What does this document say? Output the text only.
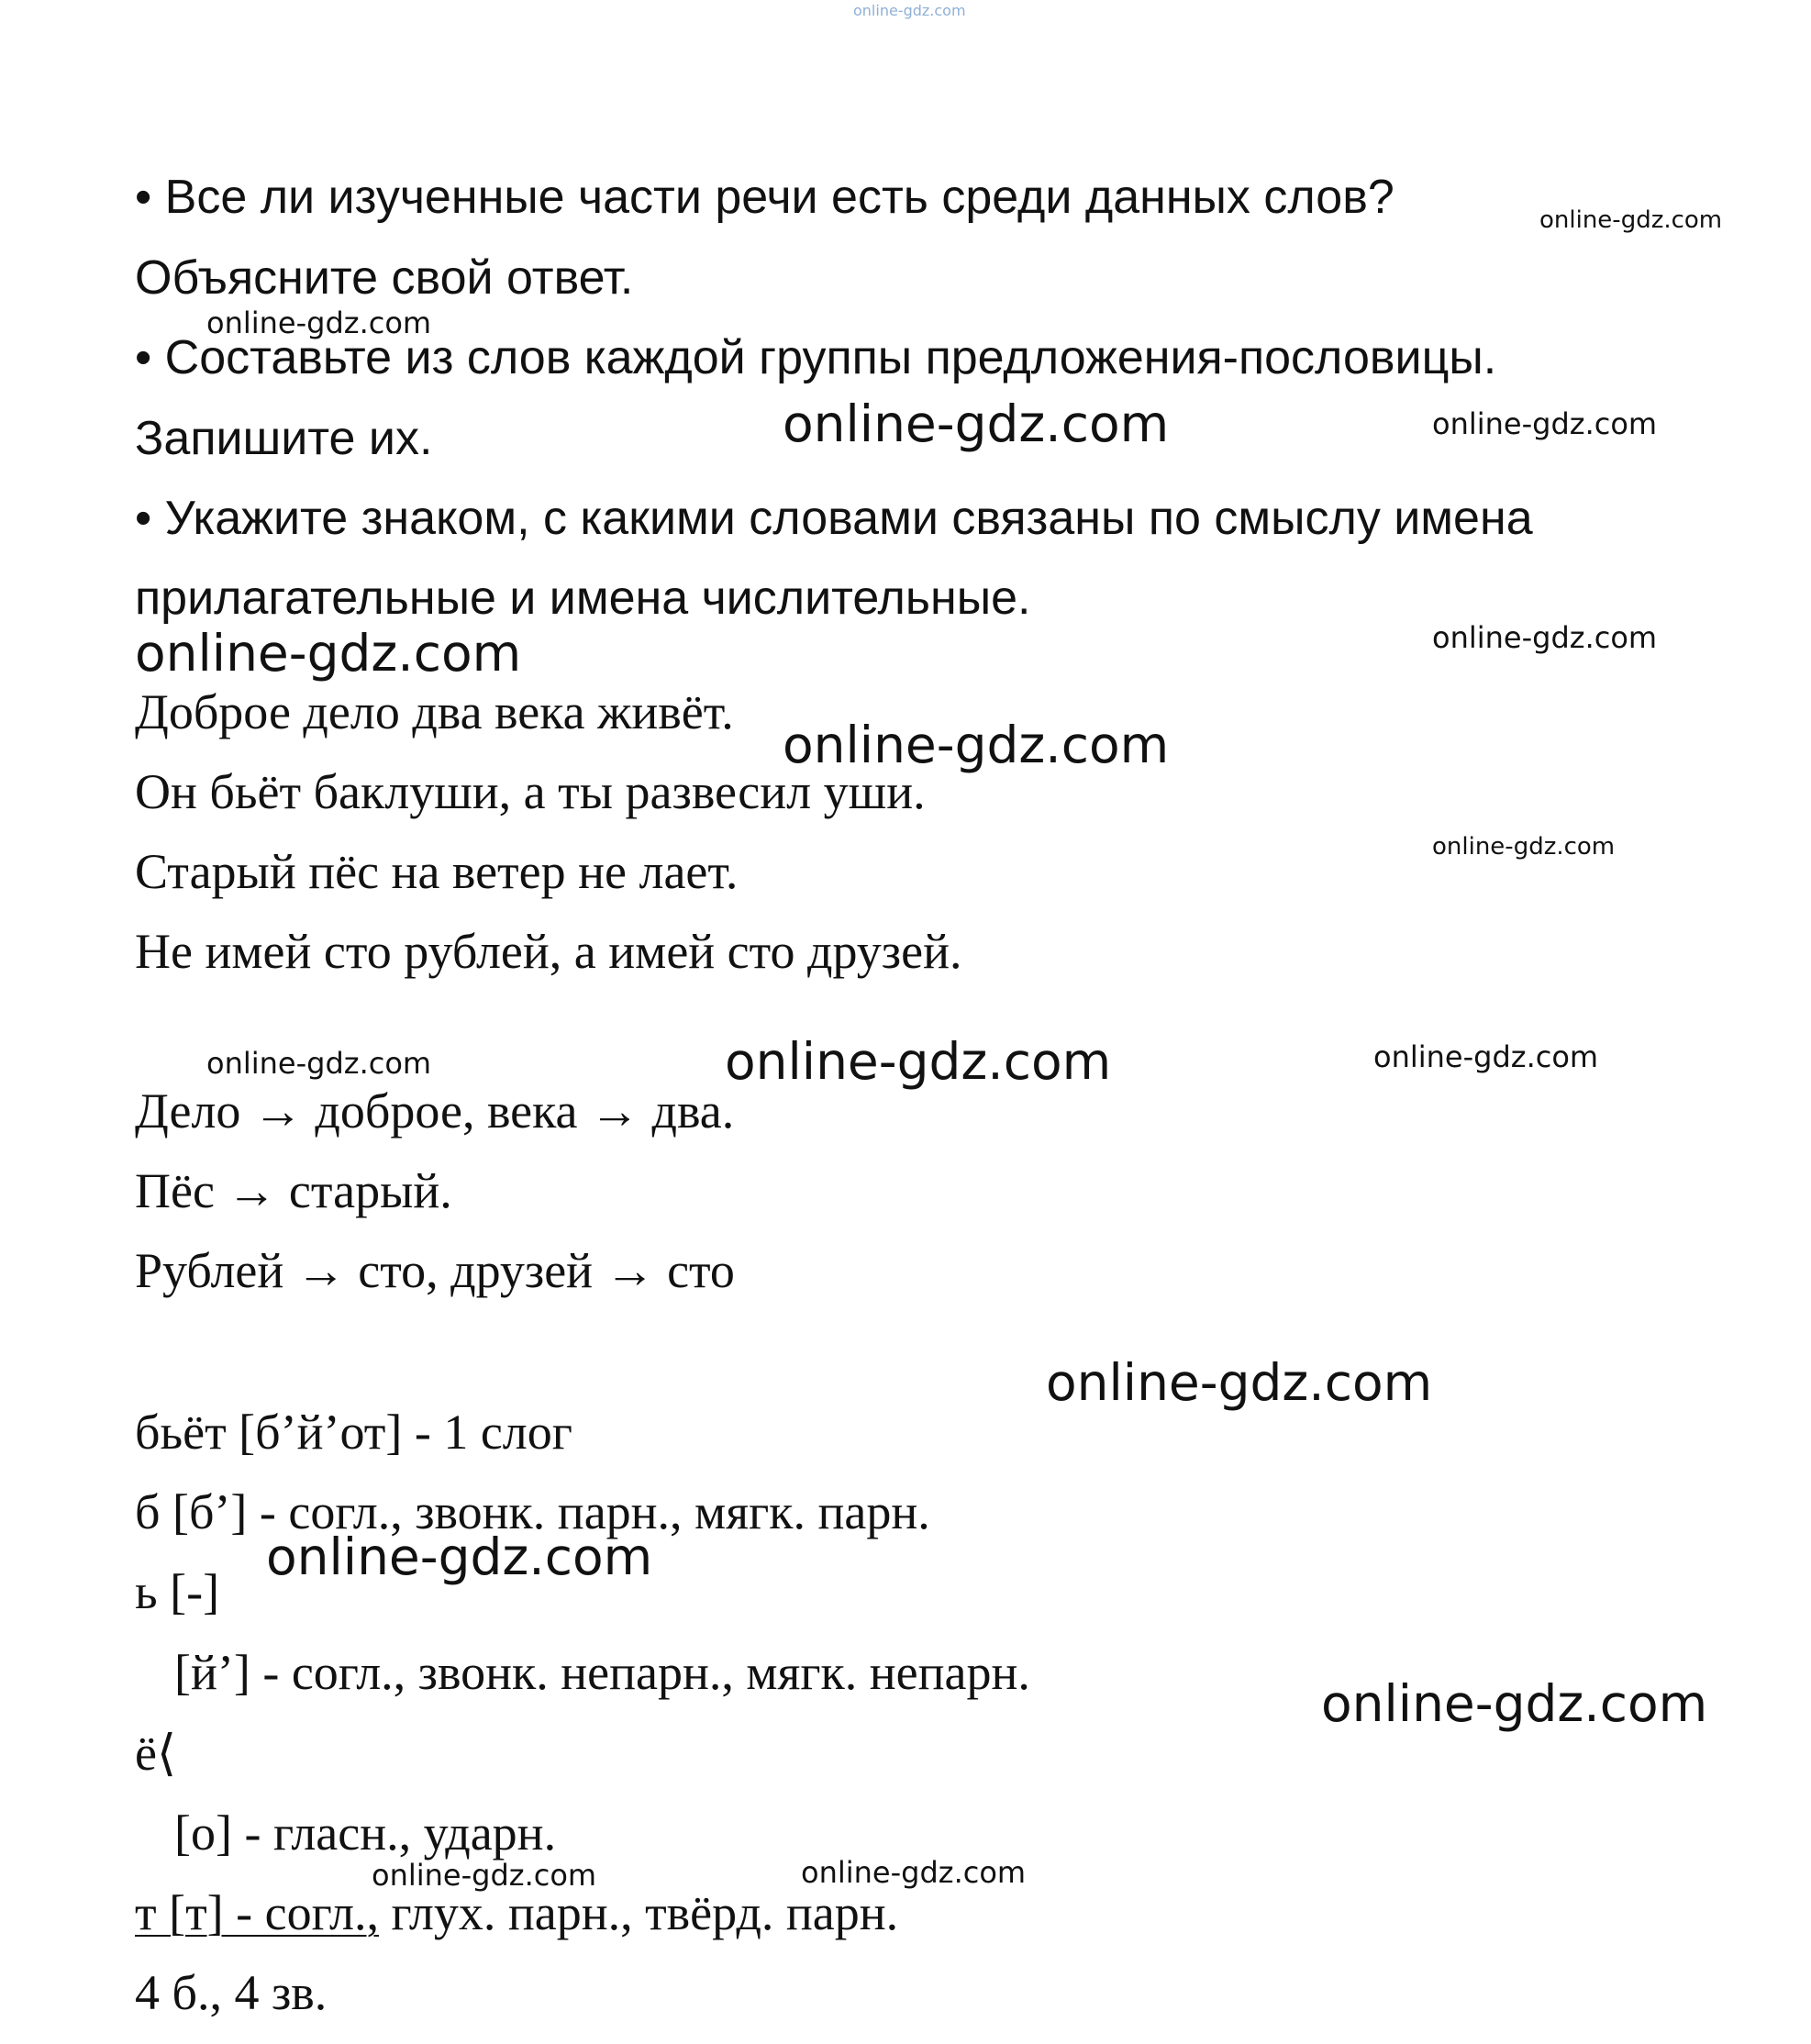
online-gdz.com
• Все ли изученные части речи есть среди данных слов?
Объясните свой ответ.
• Составьте из слов каждой группы предложения-пословицы.
Запишите их.
• Укажите знаком, с какими словами связаны по смыслу имена
прилагательные и имена числительные.
Доброе дело два века живёт.
Он бьёт баклуши, а ты развесил уши.
Старый пёс на ветер не лает.
Не имей сто рублей, а имей сто друзей.
Дело → доброе, века → два.
Пёс → старый.
Рублей → сто, друзей → сто
бьёт [б’й’от] - 1 слог
б [б’] - согл., звонк. парн., мягк. парн.
ь [-]
[й’] - согл., звонк. непарн., мягк. непарн.
ё⟨
[о] - гласн., ударн.
т [т] - согл., глух. парн., твёрд. парн.
4 б., 4 зв.
online-gdz.com
online-gdz.com
online-gdz.com	online-gdz.com
online-gdz.com	online-gdz.com
online-gdz.com
online-gdz.com
online-gdz.com	online-gdz.com	online-gdz.com
online-gdz.com
online-gdz.com
online-gdz.com
online-gdz.com	online-gdz.com
